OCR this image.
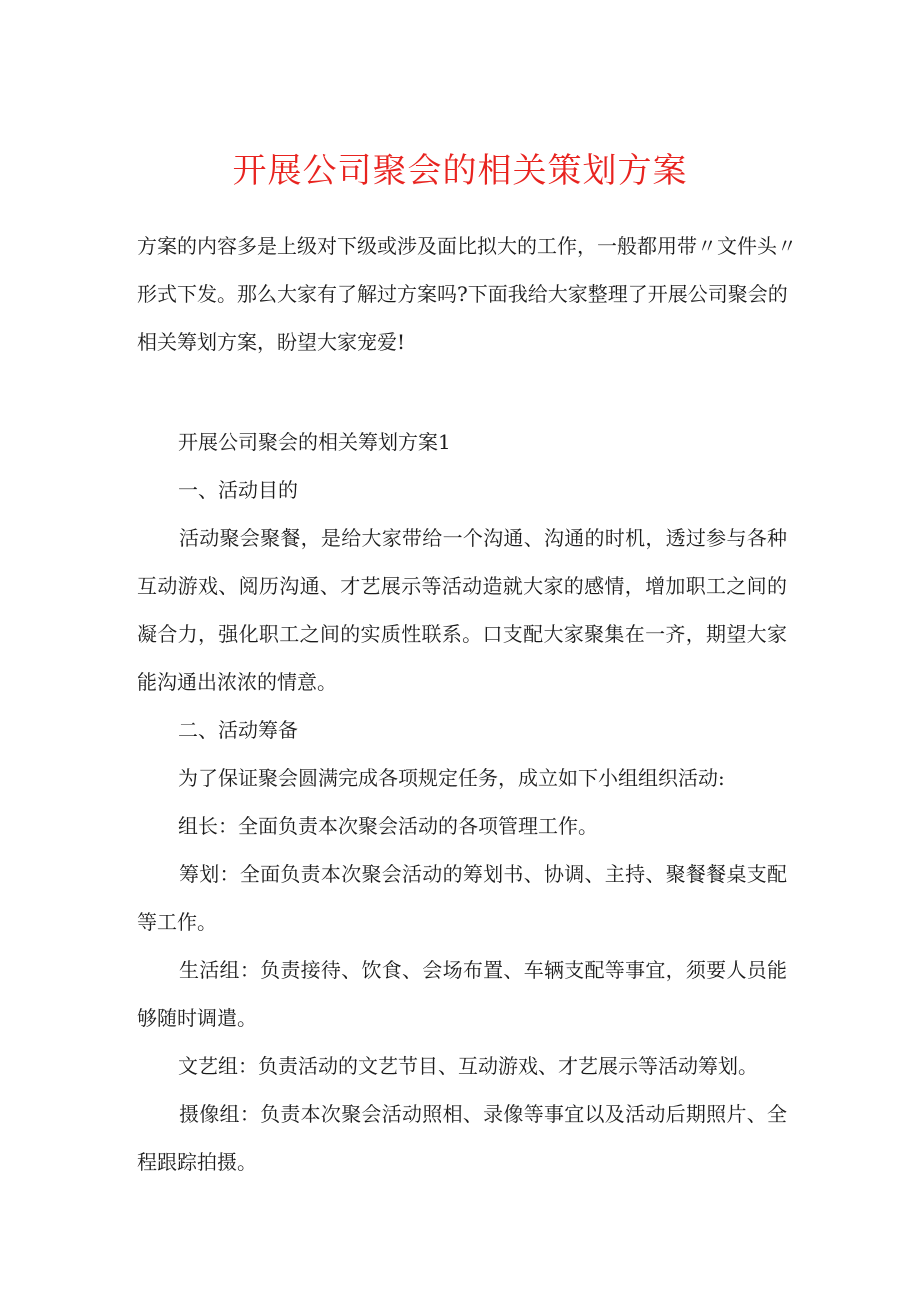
开展公司聚会的相关策划方案
方案的内容多是上级对下级或涉及面比拟大的工作，一般都用带〃文件头〃
形式下发。那么大家有了解过方案吗?下面我给大家整理了开展公司聚会的
相关筹划方案，盼望大家宠爱!
开展公司聚会的相关筹划方案1
一、活动目的
活动聚会聚餐，是给大家带给一个沟通、沟通的时机，透过参与各种
互动游戏、阅历沟通、才艺展示等活动造就大家的感情，增加职工之间的
凝合力，强化职工之间的实质性联系。口支配大家聚集在一齐，期望大家
能沟通出浓浓的情意。
二、活动筹备
为了保证聚会圆满完成各项规定任务，成立如下小组组织活动:
组长：全面负责本次聚会活动的各项管理工作。
筹划：全面负责本次聚会活动的筹划书、协调、主持、聚餐餐桌支配
等工作。
生活组：负责接待、饮食、会场布置、车辆支配等事宜，须要人员能
够随时调遣。
文艺组：负责活动的文艺节目、互动游戏、才艺展示等活动筹划。
摄像组：负责本次聚会活动照相、录像等事宜以及活动后期照片、全
程跟踪拍摄。
